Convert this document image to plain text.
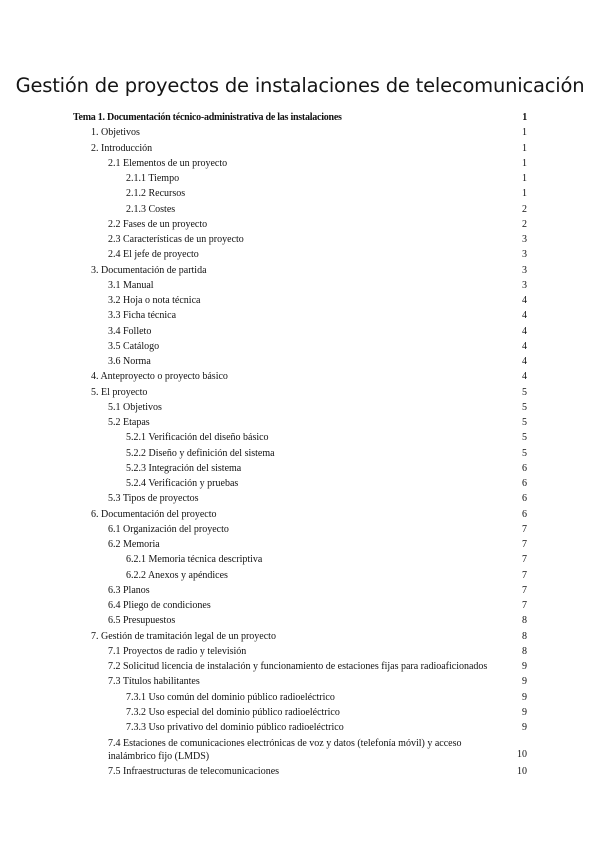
Gestión de proyectos de instalaciones de telecomunicación
Tema 1. Documentación técnico-administrativa de las instalaciones	1
1. Objetivos	1
2. Introducción	1
2.1 Elementos de un proyecto	1
2.1.1 Tiempo	1
2.1.2 Recursos	1
2.1.3 Costes	2
2.2 Fases de un proyecto	2
2.3 Características de un proyecto	3
2.4 El jefe de proyecto	3
3. Documentación de partida	3
3.1 Manual	3
3.2 Hoja o nota técnica	4
3.3 Ficha técnica	4
3.4 Folleto	4
3.5 Catálogo	4
3.6 Norma	4
4. Anteproyecto o proyecto básico	4
5. El proyecto	5
5.1 Objetivos	5
5.2 Etapas	5
5.2.1 Verificación del diseño básico	5
5.2.2 Diseño y definición del sistema	5
5.2.3 Integración del sistema	6
5.2.4 Verificación y pruebas	6
5.3 Tipos de proyectos	6
6. Documentación del proyecto	6
6.1 Organización del proyecto	7
6.2 Memoria	7
6.2.1 Memoria técnica descriptiva	7
6.2.2 Anexos y apéndices	7
6.3 Planos	7
6.4 Pliego de condiciones	7
6.5 Presupuestos	8
7. Gestión de tramitación legal de un proyecto	8
7.1 Proyectos de radio y televisión	8
7.2 Solicitud licencia de instalación y funcionamiento de estaciones fijas para radioaficionados	9
7.3 Títulos habilitantes	9
7.3.1 Uso común del dominio público radioeléctrico	9
7.3.2 Uso especial del dominio público radioeléctrico	9
7.3.3 Uso privativo del dominio público radioeléctrico	9
7.4 Estaciones de comunicaciones electrónicas de voz y datos (telefonía móvil) y acceso inalámbrico fijo (LMDS)	10
7.5 Infraestructuras de telecomunicaciones	10
